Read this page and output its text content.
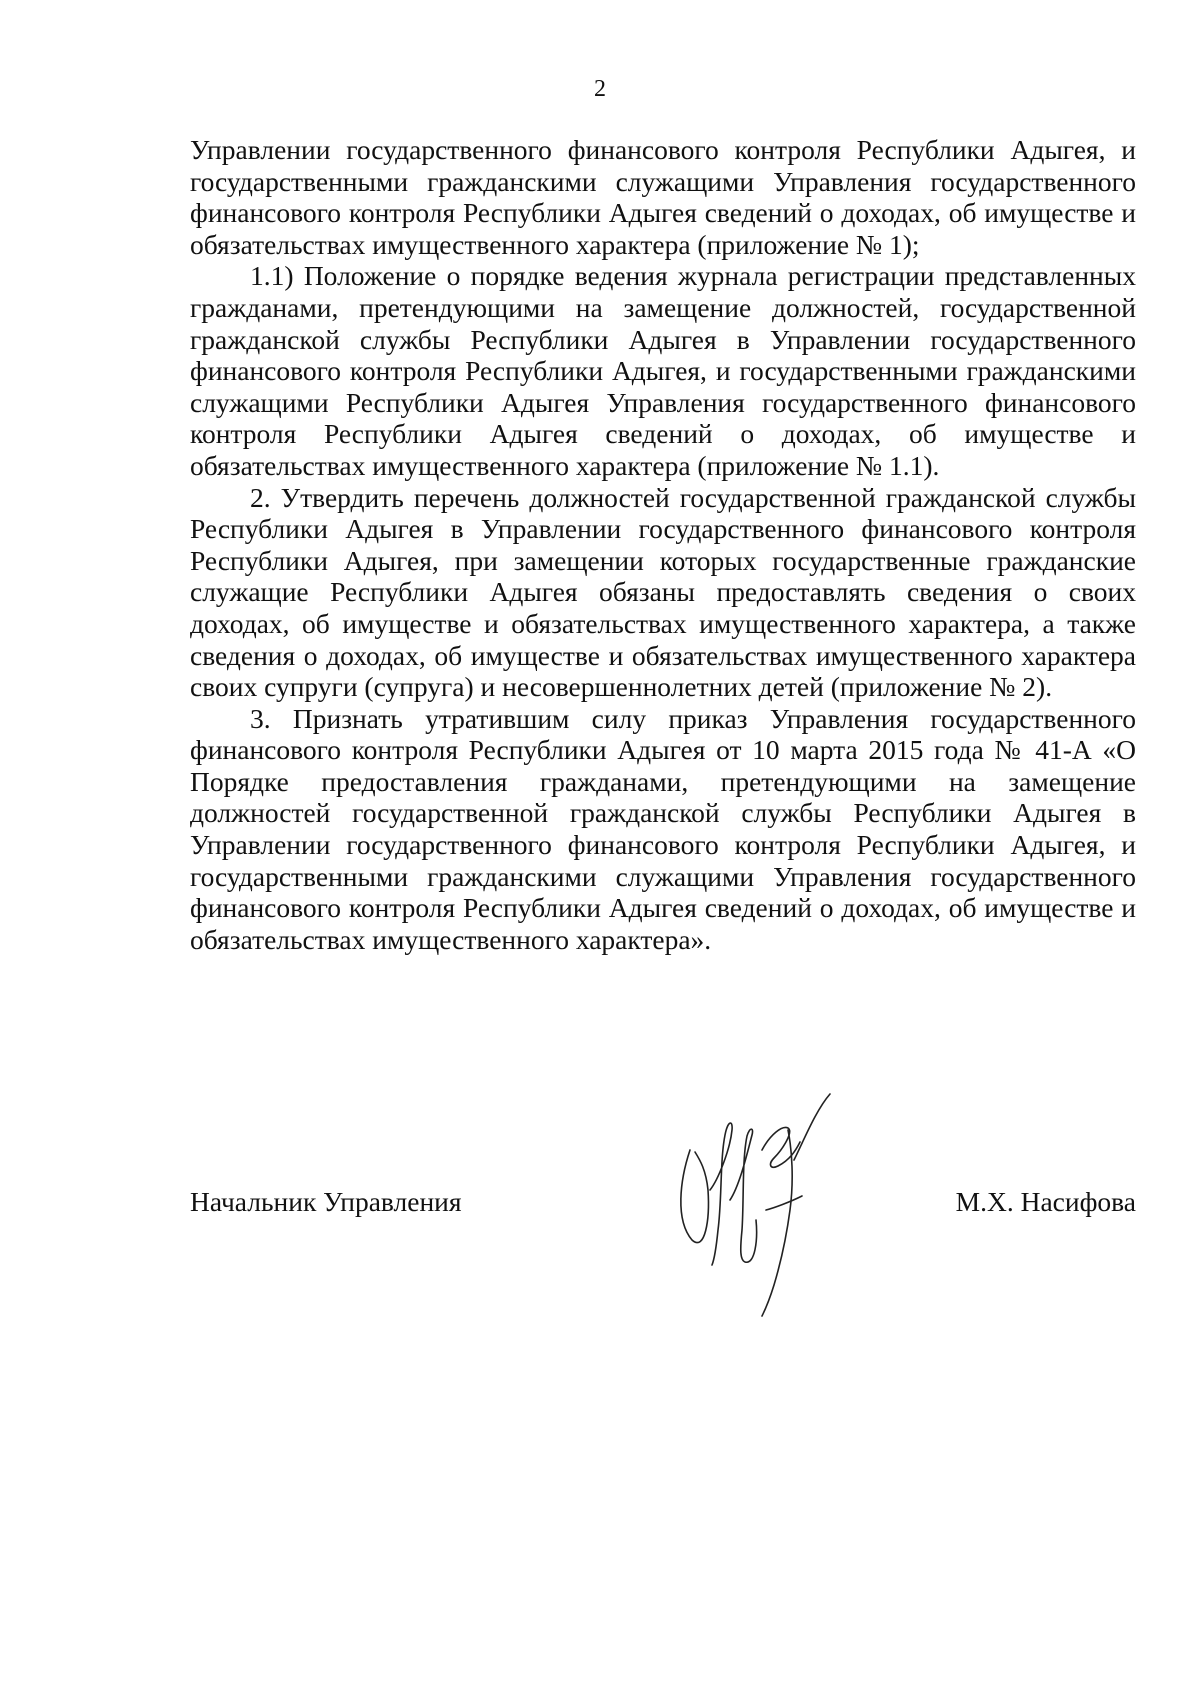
2

Управлении государственного финансового контроля Республики Адыгея, и государственными гражданскими служащими Управления государственного финансового контроля Республики Адыгея сведений о доходах, об имуществе и обязательствах имущественного характера (приложение № 1);

1.1) Положение о порядке ведения журнала регистрации представленных гражданами, претендующими на замещение должностей, государственной гражданской службы Республики Адыгея в Управлении государственного финансового контроля Республики Адыгея, и государственными гражданскими служащими Республики Адыгея Управления государственного финансового контроля Республики Адыгея сведений о доходах, об имуществе и обязательствах имущественного характера (приложение № 1.1).

2. Утвердить перечень должностей государственной гражданской службы Республики Адыгея в Управлении государственного финансового контроля Республики Адыгея, при замещении которых государственные гражданские служащие Республики Адыгея обязаны предоставлять сведения о своих доходах, об имуществе и обязательствах имущественного характера, а также сведения о доходах, об имуществе и обязательствах имущественного характера своих супруги (супруга) и несовершеннолетних детей (приложение № 2).

3. Признать утратившим силу приказ Управления государственного финансового контроля Республики Адыгея от 10 марта 2015 года № 41-А «О Порядке предоставления гражданами, претендующими на замещение должностей государственной гражданской службы Республики Адыгея в Управлении государственного финансового контроля Республики Адыгея, и государственными гражданскими служащими Управления государственного финансового контроля Республики Адыгея сведений о доходах, об имуществе и обязательствах имущественного характера».

Начальник Управления	М.Х. Насифова
